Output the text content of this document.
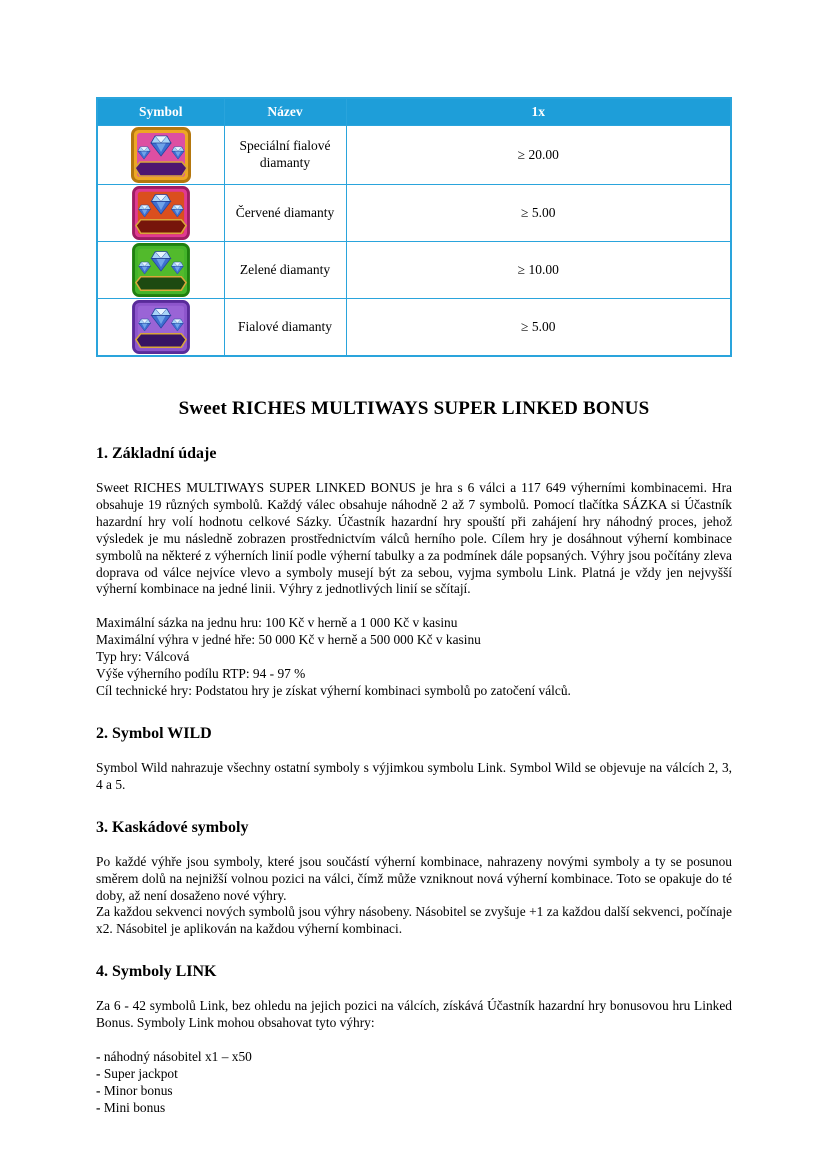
Symbol	Název	1x

	Speciální fialové diamanty	≥ 20.00

	Červené diamanty	≥ 5.00

	Zelené diamanty	≥ 10.00

	Fialové diamanty	≥ 5.00
Sweet RICHES MULTIWAYS SUPER LINKED BONUS
1. Základní údaje
Sweet RICHES MULTIWAYS SUPER LINKED BONUS je hra s 6 válci a 117 649 výherními kombinacemi. Hra obsahuje 19 různých symbolů. Každý válec obsahuje náhodně 2 až 7 symbolů. Pomocí tlačítka SÁZKA si Účastník hazardní hry volí hodnotu celkové Sázky. Účastník hazardní hry spouští při zahájení hry náhodný proces, jehož výsledek je mu následně zobrazen prostřednictvím válců herního pole. Cílem hry je dosáhnout výherní kombinace symbolů na některé z výherních linií podle výherní tabulky a za podmínek dále popsaných. Výhry jsou počítány zleva doprava od válce nejvíce vlevo a symboly musejí být za sebou, vyjma symbolu Link. Platná je vždy jen nejvyšší výherní kombinace na jedné linii. Výhry z jednotlivých linií se sčítají.
Maximální sázka na jednu hru: 100 Kč v herně a 1 000 Kč v kasinu
Maximální výhra v jedné hře: 50 000 Kč v herně a 500 000 Kč v kasinu
Typ hry: Válcová
Výše výherního podílu RTP: 94 - 97 %
Cíl technické hry: Podstatou hry je získat výherní kombinaci symbolů po zatočení válců.
2. Symbol WILD
Symbol Wild nahrazuje všechny ostatní symboly s výjimkou symbolu Link. Symbol Wild se objevuje na válcích 2, 3, 4 a 5.
3. Kaskádové symboly
Po každé výhře jsou symboly, které jsou součástí výherní kombinace, nahrazeny novými symboly a ty se posunou směrem dolů na nejnižší volnou pozici na válci, čímž může vzniknout nová výherní kombinace. Toto se opakuje do té doby, až není dosaženo nové výhry.
Za každou sekvenci nových symbolů jsou výhry násobeny. Násobitel se zvyšuje +1 za každou další sekvenci, počínaje x2. Násobitel je aplikován na každou výherní kombinaci.
4. Symboly LINK
Za 6 - 42 symbolů Link, bez ohledu na jejich pozici na válcích, získává Účastník hazardní hry bonusovou hru Linked Bonus. Symboly Link mohou obsahovat tyto výhry:
- náhodný násobitel x1 – x50
- Super jackpot
- Minor bonus
- Mini bonus
